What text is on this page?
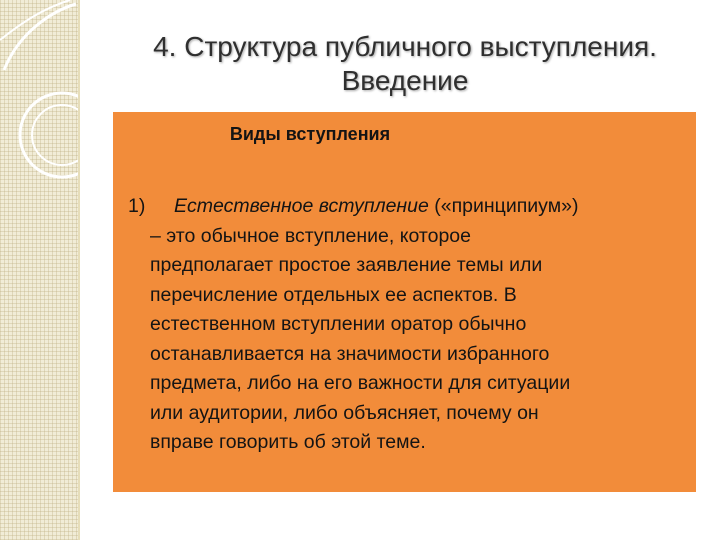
4. Структура публичного выступления.
Введение
Виды вступления
1)	Естественное вступление («принципиум»)
– это обычное вступление, которое
предполагает простое заявление темы или
перечисление отдельных ее аспектов. В
естественном вступлении оратор обычно
останавливается на значимости избранного
предмета, либо на его важности для ситуации
или аудитории, либо объясняет, почему он
вправе говорить об этой теме.
